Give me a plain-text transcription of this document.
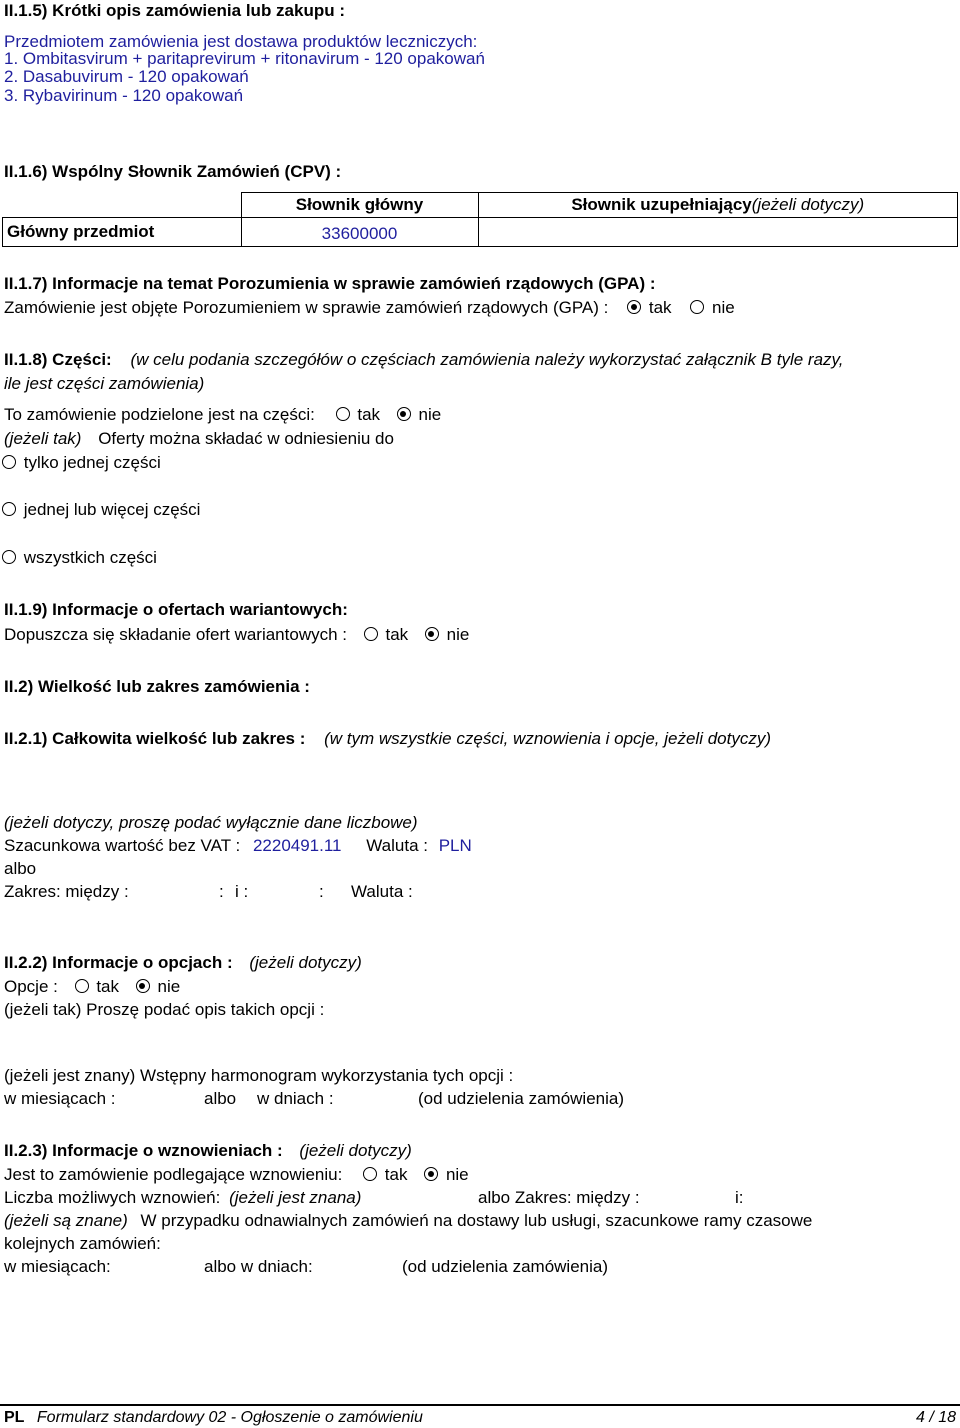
II.1.5) Krótki opis zamówienia lub zakupu :
Przedmiotem zamówienia jest dostawa produktów leczniczych:
1. Ombitasvirum + paritaprevirum + ritonavirum - 120 opakowań
2. Dasabuvirum - 120 opakowań
3. Rybavirinum - 120 opakowań
II.1.6) Wspólny Słownik Zamówień (CPV) :
	Słownik główny	Słownik uzupełniający(jeżeli dotyczy)
Główny przedmiot	33600000	
II.1.7) Informacje na temat Porozumienia w sprawie zamówień rządowych (GPA) :
Zamówienie jest objęte Porozumieniem w sprawie zamówień rządowych (GPA) : tak nie
II.1.8) Części: (w celu podania szczegółów o częściach zamówienia należy wykorzystać załącznik B tyle razy,
ile jest części zamówienia)
To zamówienie podzielone jest na części: tak nie
(jeżeli tak) Oferty można składać w odniesieniu do
tylko jednej części
jednej lub więcej części
wszystkich części
II.1.9) Informacje o ofertach wariantowych:
Dopuszcza się składanie ofert wariantowych : tak nie
II.2) Wielkość lub zakres zamówienia :
II.2.1) Całkowita wielkość lub zakres : (w tym wszystkie części, wznowienia i opcje, jeżeli dotyczy)
(jeżeli dotyczy, proszę podać wyłącznie dane liczbowe)
Szacunkowa wartość bez VAT : 2220491.11 Waluta : PLN
albo
Zakres: między :	: i :	: Waluta :
II.2.2) Informacje o opcjach : (jeżeli dotyczy)
Opcje : tak nie
(jeżeli tak) Proszę podać opis takich opcji :
(jeżeli jest znany) Wstępny harmonogram wykorzystania tych opcji :
w miesiącach :	albo w dniach :	(od udzielenia zamówienia)
II.2.3) Informacje o wznowieniach : (jeżeli dotyczy)
Jest to zamówienie podlegające wznowieniu: tak nie
Liczba możliwych wznowień: (jeżeli jest znana)	albo Zakres: między :	i:
(jeżeli są znane) W przypadku odnawialnych zamówień na dostawy lub usługi, szacunkowe ramy czasowe
kolejnych zamówień:
w miesiącach:	albo w dniach:	(od udzielenia zamówienia)
PL Formularz standardowy 02 - Ogłoszenie o zamówieniu	4 / 18
